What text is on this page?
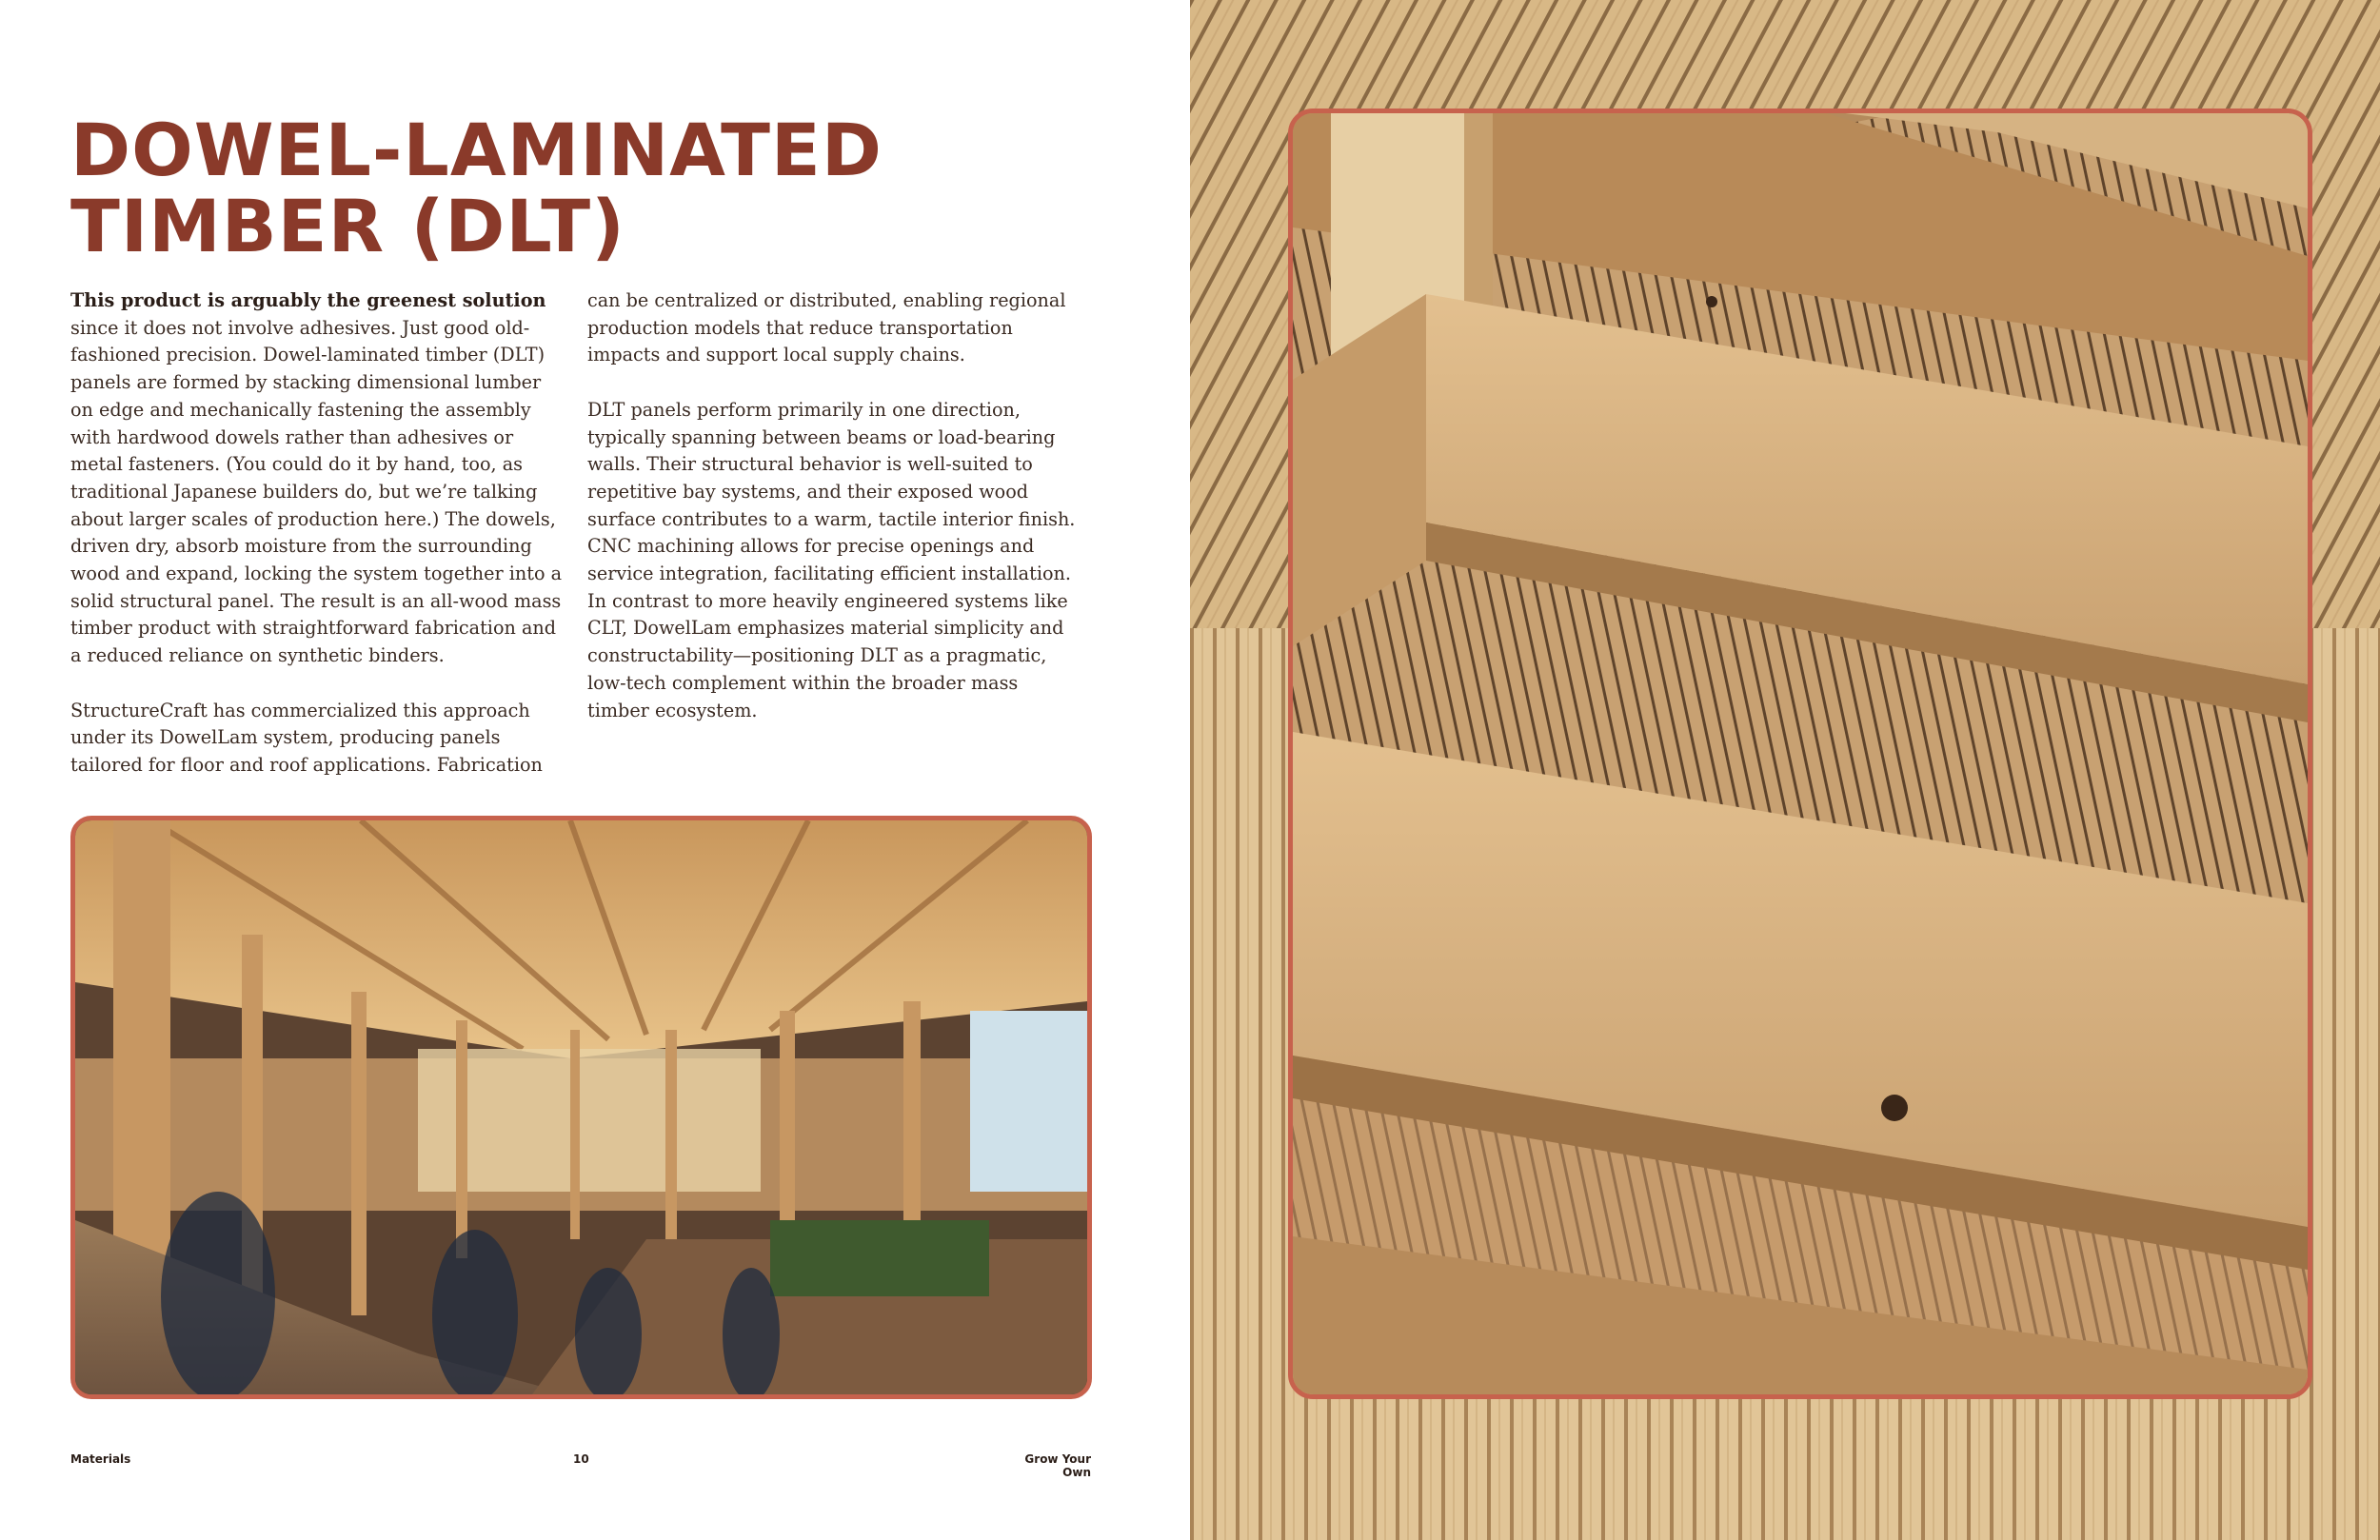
DOWEL-LAMINATED
TIMBER (DLT)

This product is arguably the greenest solution since it does not involve adhesives. Just good old-fashioned precision. Dowel-laminated timber (DLT) panels are formed by stacking dimensional lumber on edge and mechanically fastening the assembly with hardwood dowels rather than adhesives or metal fasteners. (You could do it by hand, too, as traditional Japanese builders do, but we’re talking about larger scales of production here.) The dowels, driven dry, absorb moisture from the surrounding wood and expand, locking the system together into a solid structural panel. The result is an all-wood mass timber product with straightforward fabrication and a reduced reliance on synthetic binders.

StructureCraft has commercialized this approach under its DowelLam system, producing panels tailored for floor and roof applications. Fabrication

can be centralized or distributed, enabling regional production models that reduce transportation impacts and support local supply chains.

DLT panels perform primarily in one direction, typically spanning between beams or load-bearing walls. Their structural behavior is well-suited to repetitive bay systems, and their exposed wood surface contributes to a warm, tactile interior finish. CNC machining allows for precise openings and service integration, facilitating efficient installation. In contrast to more heavily engineered systems like CLT, DowelLam emphasizes material simplicity and constructability—positioning DLT as a pragmatic, low-tech complement within the broader mass timber ecosystem.

Materials	10	Grow Your Own
